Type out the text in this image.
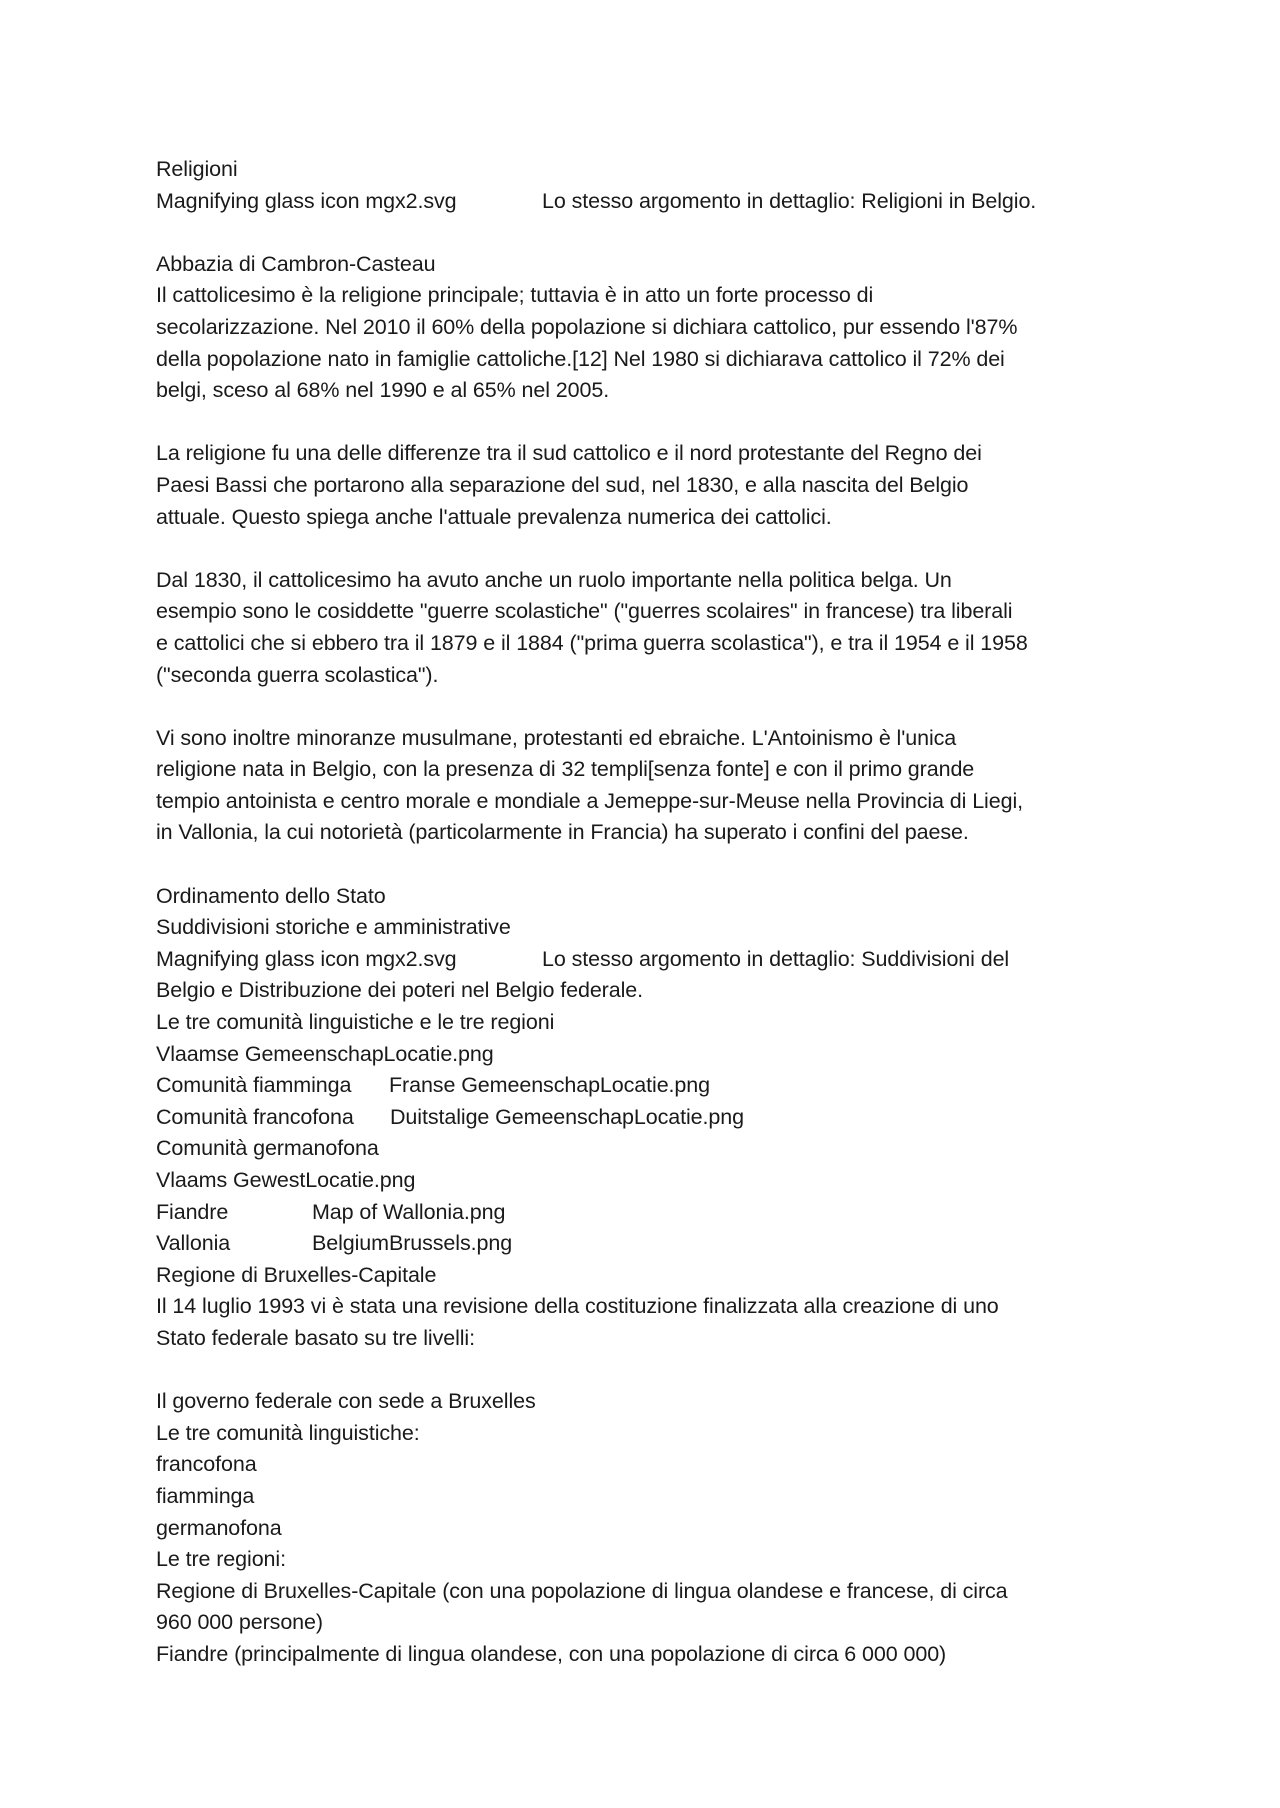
Religioni
Magnifying glass icon mgx2.svg	Lo stesso argomento in dettaglio: Religioni in Belgio.
Abbazia di Cambron-Casteau
Il cattolicesimo è la religione principale; tuttavia è in atto un forte processo di
secolarizzazione. Nel 2010 il 60% della popolazione si dichiara cattolico, pur essendo l'87%
della popolazione nato in famiglie cattoliche.[12] Nel 1980 si dichiarava cattolico il 72% dei
belgi, sceso al 68% nel 1990 e al 65% nel 2005.
La religione fu una delle differenze tra il sud cattolico e il nord protestante del Regno dei
Paesi Bassi che portarono alla separazione del sud, nel 1830, e alla nascita del Belgio
attuale. Questo spiega anche l'attuale prevalenza numerica dei cattolici.
Dal 1830, il cattolicesimo ha avuto anche un ruolo importante nella politica belga. Un
esempio sono le cosiddette "guerre scolastiche" ("guerres scolaires" in francese) tra liberali
e cattolici che si ebbero tra il 1879 e il 1884 ("prima guerra scolastica"), e tra il 1954 e il 1958
("seconda guerra scolastica").
Vi sono inoltre minoranze musulmane, protestanti ed ebraiche. L'Antoinismo è l'unica
religione nata in Belgio, con la presenza di 32 templi[senza fonte] e con il primo grande
tempio antoinista e centro morale e mondiale a Jemeppe-sur-Meuse nella Provincia di Liegi,
in Vallonia, la cui notorietà (particolarmente in Francia) ha superato i confini del paese.
Ordinamento dello Stato
Suddivisioni storiche e amministrative
Magnifying glass icon mgx2.svg	Lo stesso argomento in dettaglio: Suddivisioni del
Belgio e Distribuzione dei poteri nel Belgio federale.
Le tre comunità linguistiche e le tre regioni
Vlaamse GemeenschapLocatie.png
Comunità fiamminga Franse GemeenschapLocatie.png
Comunità francofona Duitstalige GemeenschapLocatie.png
Comunità germanofona
Vlaams GewestLocatie.png
Fiandre	Map of Wallonia.png
Vallonia	BelgiumBrussels.png
Regione di Bruxelles-Capitale
Il 14 luglio 1993 vi è stata una revisione della costituzione finalizzata alla creazione di uno
Stato federale basato su tre livelli:
Il governo federale con sede a Bruxelles
Le tre comunità linguistiche:
francofona
fiamminga
germanofona
Le tre regioni:
Regione di Bruxelles-Capitale (con una popolazione di lingua olandese e francese, di circa
960 000 persone)
Fiandre (principalmente di lingua olandese, con una popolazione di circa 6 000 000)
